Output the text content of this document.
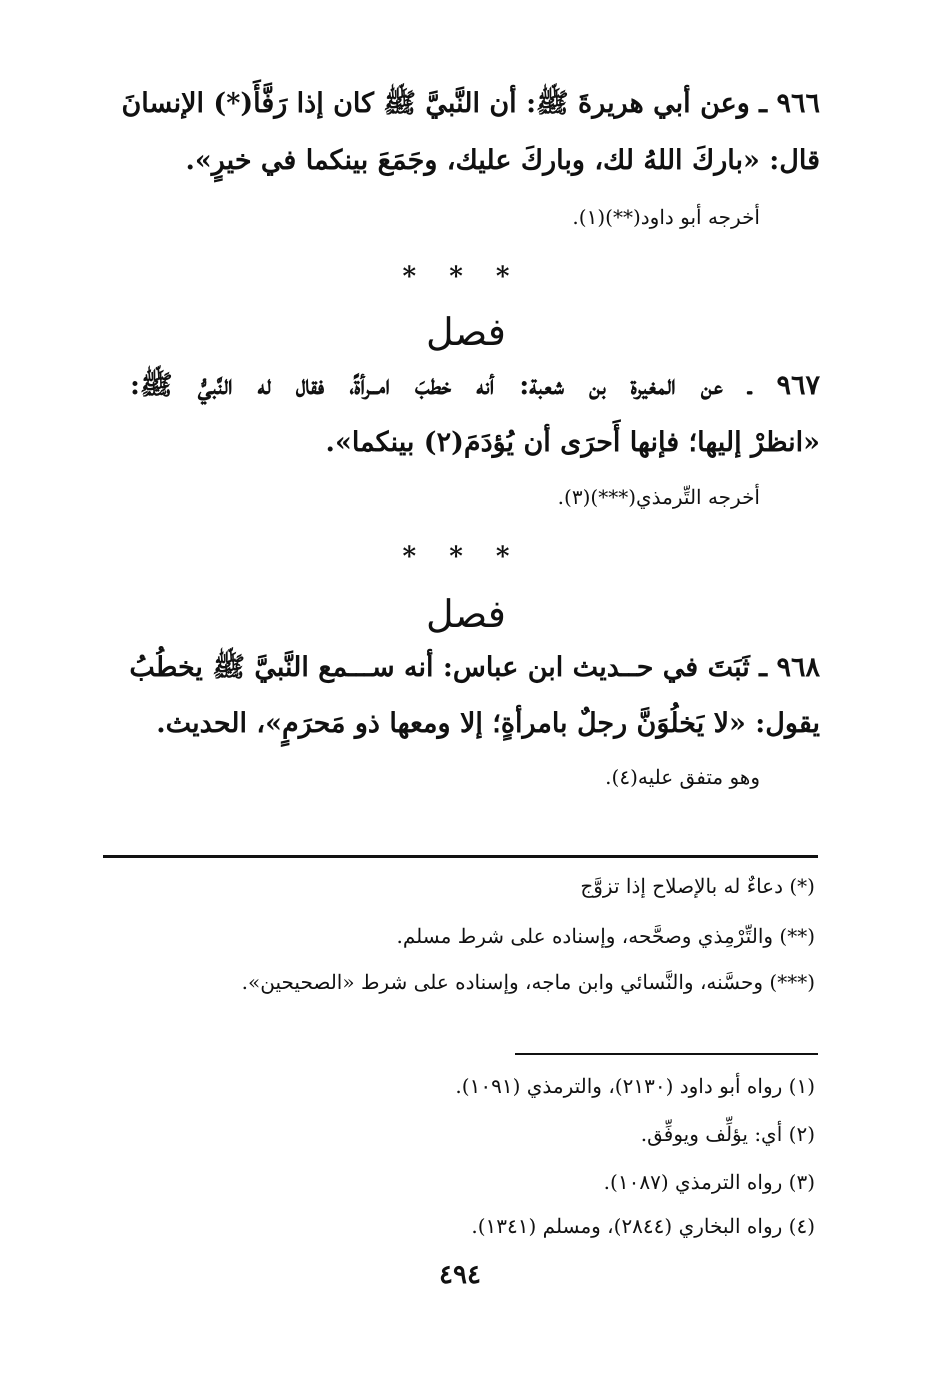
٩٦٦ ـ وعن أبي هريرةَ ﷺ: أن النَّبيَّ ﷺ كان إذا رَفَّأَ(*) الإنسانَ
قال: «باركَ اللهُ لك، وباركَ عليك، وجَمَعَ بينكما في خيرٍ».
أخرجه أبو داود(**)(١).
* * *
فصل
٩٦٧ ـ عن المغيرة بن شعبة: أنه خطبَ امــرأةً، فقال له النَّبيُّ ﷺ:
«انظرْ إليها؛ فإنها أَحرَى أن يُؤدَمَ(٢) بينكما».
أخرجه التِّرمذي(***)(٣).
* * *
فصل
٩٦٨ ـ ثَبَتَ في حــديث ابن عباس: أنه ســـمع النَّبيَّ ﷺ يخطُبُ
يقول: «لا يَخلُوَنَّ رجلٌ بامرأةٍ؛ إلا ومعها ذو مَحرَمٍ»، الحديث.
وهو متفق عليه(٤).
(*) دعاءٌ له بالإصلاح إذا تزوَّج
(**) والتِّرْمِذي وصحَّحه، وإسناده على شرط مسلم.
(***) وحسَّنه، والنَّسائي وابن ماجه، وإسناده على شرط «الصحيحين».
(١) رواه أبو داود (٢١٣٠)، والترمذي (١٠٩١).
(٢) أي: يؤلِّف ويوفِّق.
(٣) رواه الترمذي (١٠٨٧).
(٤) رواه البخاري (٢٨٤٤)، ومسلم (١٣٤١).
٤٩٤
